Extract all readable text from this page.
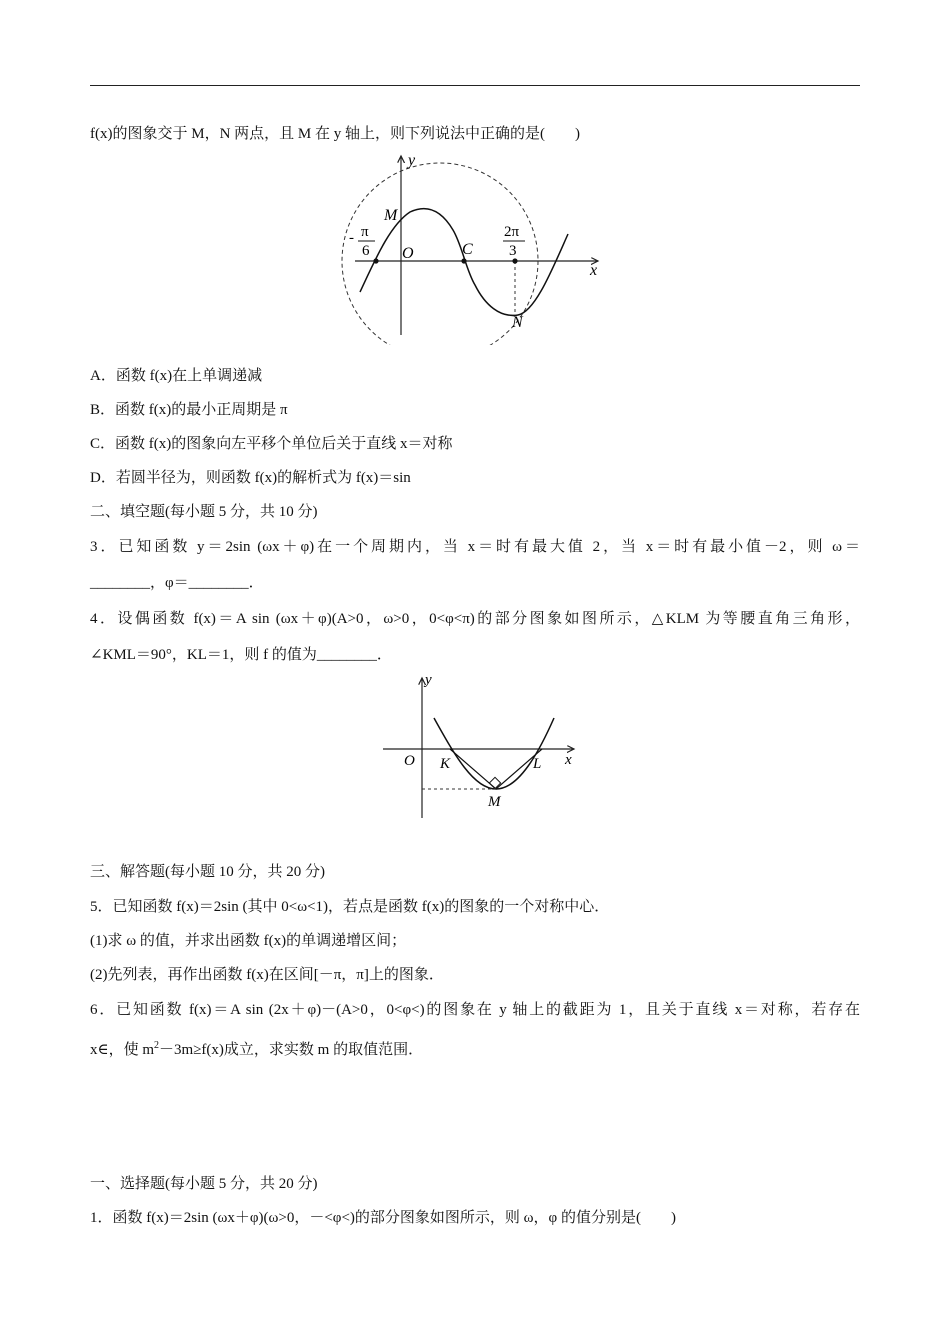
f(x)的图象交于 M，N 两点，且 M 在 y 轴上，则下列说法中正确的是(　　)
y
M
O	C
N
x
- π
6
2π
3
A．函数 f(x)在上单调递减
B．函数 f(x)的最小正周期是 π
C．函数 f(x)的图象向左平移个单位后关于直线 x＝对称
D．若圆半径为，则函数 f(x)的解析式为 f(x)＝sin
二、填空题(每小题 5 分，共 10 分)
3．已知函数 y＝2sin (ωx＋φ)在一个周期内，当 x＝时有最大值 2，当 x＝时有最小值－2，则 ω＝
________，φ＝________．
4．设偶函数 f(x)＝A sin (ωx＋φ)(A>0，ω>0，0<φ<π)的部分图象如图所示，△KLM 为等腰直角三角形，
∠KML＝90°，KL＝1，则 f 的值为________．
y
O K	L
M
x
三、解答题(每小题 10 分，共 20 分)
5．已知函数 f(x)＝2sin (其中 0<ω<1)，若点是函数 f(x)的图象的一个对称中心．
(1)求 ω 的值，并求出函数 f(x)的单调递增区间；
(2)先列表，再作出函数 f(x)在区间[－π，π]上的图象．
6．已知函数 f(x)＝A sin (2x＋φ)－(A>0，0<φ<)的图象在 y 轴上的截距为 1，且关于直线 x＝对称，若存在
x∈，使 $m^2-3m\ge f(x)$成立，求实数 m 的取值范围．
一、选择题(每小题 5 分，共 20 分)
1．函数 f(x)＝2sin (ωx＋φ)(ω>0，－<φ<)的部分图象如图所示，则 ω，φ 的值分别是(　　)
